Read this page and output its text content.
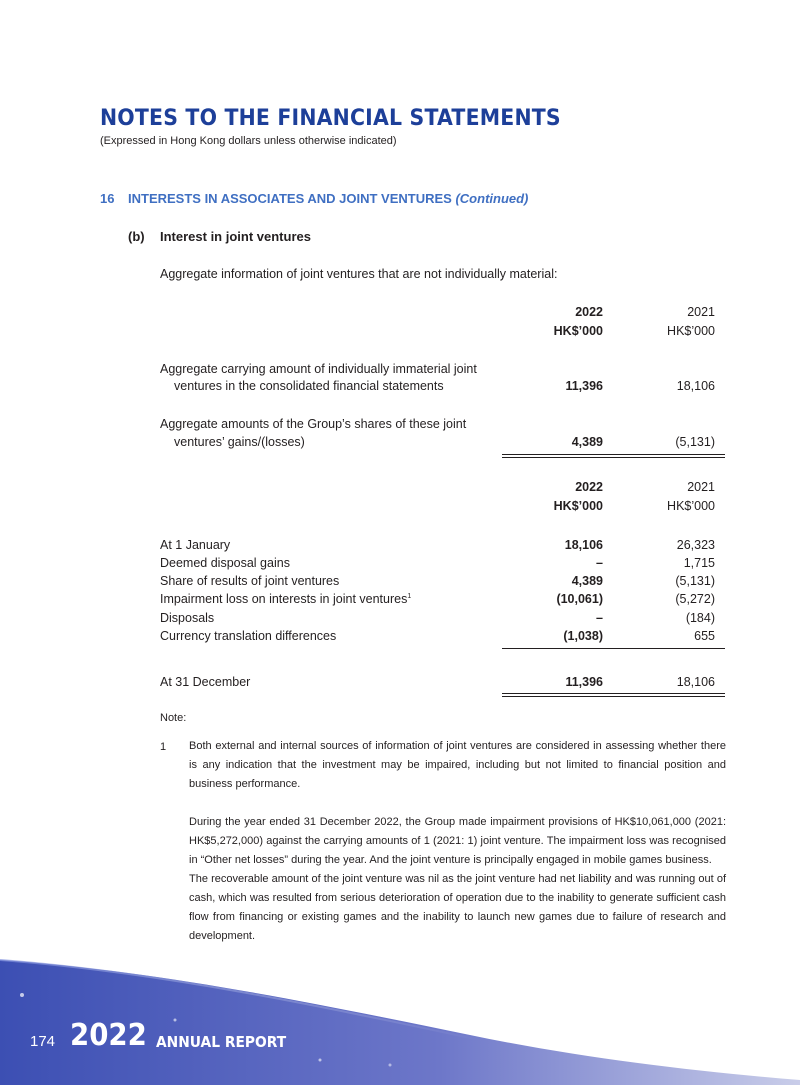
NOTES TO THE FINANCIAL STATEMENTS
(Expressed in Hong Kong dollars unless otherwise indicated)
16 INTERESTS IN ASSOCIATES AND JOINT VENTURES (Continued)
(b) Interest in joint ventures
Aggregate information of joint ventures that are not individually material:
2022	2021
HK$’000	HK$’000
Aggregate carrying amount of individually immaterial joint
ventures in the consolidated financial statements	11,396	18,106
Aggregate amounts of the Group’s shares of these joint
ventures’ gains/(losses)	4,389	(5,131)
2022	2021
HK$’000	HK$’000
At 1 January	18,106	26,323
Deemed disposal gains	–	1,715
Share of results of joint ventures	4,389	(5,131)
Impairment loss on interests in joint ventures$^1$	(10,061)	(5,272)
Disposals	–	(184)
Currency translation differences	(1,038)	655
At 31 December	11,396	18,106
Note:
1 Both external and internal sources of information of joint ventures are considered in assessing whether there is any indication that the investment may be impaired, including but not limited to financial position and business performance.
During the year ended 31 December 2022, the Group made impairment provisions of HK$10,061,000 (2021: HK$5,272,000) against the carrying amounts of 1 (2021: 1) joint venture. The impairment loss was recognised in “Other net losses” during the year. And the joint venture is principally engaged in mobile games business.
The recoverable amount of the joint venture was nil as the joint venture had net liability and was running out of cash, which was resulted from serious deterioration of operation due to the inability to generate sufficient cash flow from financing or existing games and the inability to launch new games due to failure of research and development.
174 2022 ANNUAL REPORT
